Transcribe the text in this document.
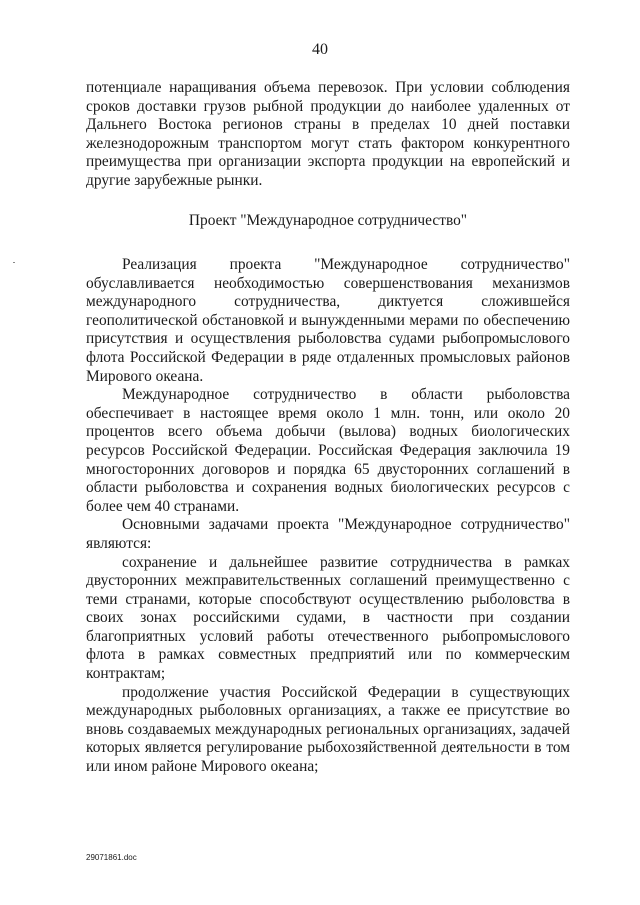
40

потенциале наращивания объема перевозок. При условии соблюдения сроков доставки грузов рыбной продукции до наиболее удаленных от Дальнего Востока регионов страны в пределах 10 дней поставки железнодорожным транспортом могут стать фактором конкурентного преимущества при организации экспорта продукции на европейский и другие зарубежные рынки.

Проект "Международное сотрудничество"

Реализация проекта "Международное сотрудничество" обуславливается необходимостью совершенствования механизмов международного сотрудничества, диктуется сложившейся геополитической обстановкой и вынужденными мерами по обеспечению присутствия и осуществления рыболовства судами рыбопромыслового флота Российской Федерации в ряде отдаленных промысловых районов Мирового океана.

Международное сотрудничество в области рыболовства обеспечивает в настоящее время около 1 млн. тонн, или около 20 процентов всего объема добычи (вылова) водных биологических ресурсов Российской Федерации. Российская Федерация заключила 19 многосторонних договоров и порядка 65 двусторонних соглашений в области рыболовства и сохранения водных биологических ресурсов с более чем 40 странами.

Основными задачами проекта "Международное сотрудничество" являются:

сохранение и дальнейшее развитие сотрудничества в рамках двусторонних межправительственных соглашений преимущественно с теми странами, которые способствуют осуществлению рыболовства в своих зонах российскими судами, в частности при создании благоприятных условий работы отечественного рыбопромыслового флота в рамках совместных предприятий или по коммерческим контрактам;

продолжение участия Российской Федерации в существующих международных рыболовных организациях, а также ее присутствие во вновь создаваемых международных региональных организациях, задачей которых является регулирование рыбохозяйственной деятельности в том или ином районе Мирового океана;

29071861.doc
